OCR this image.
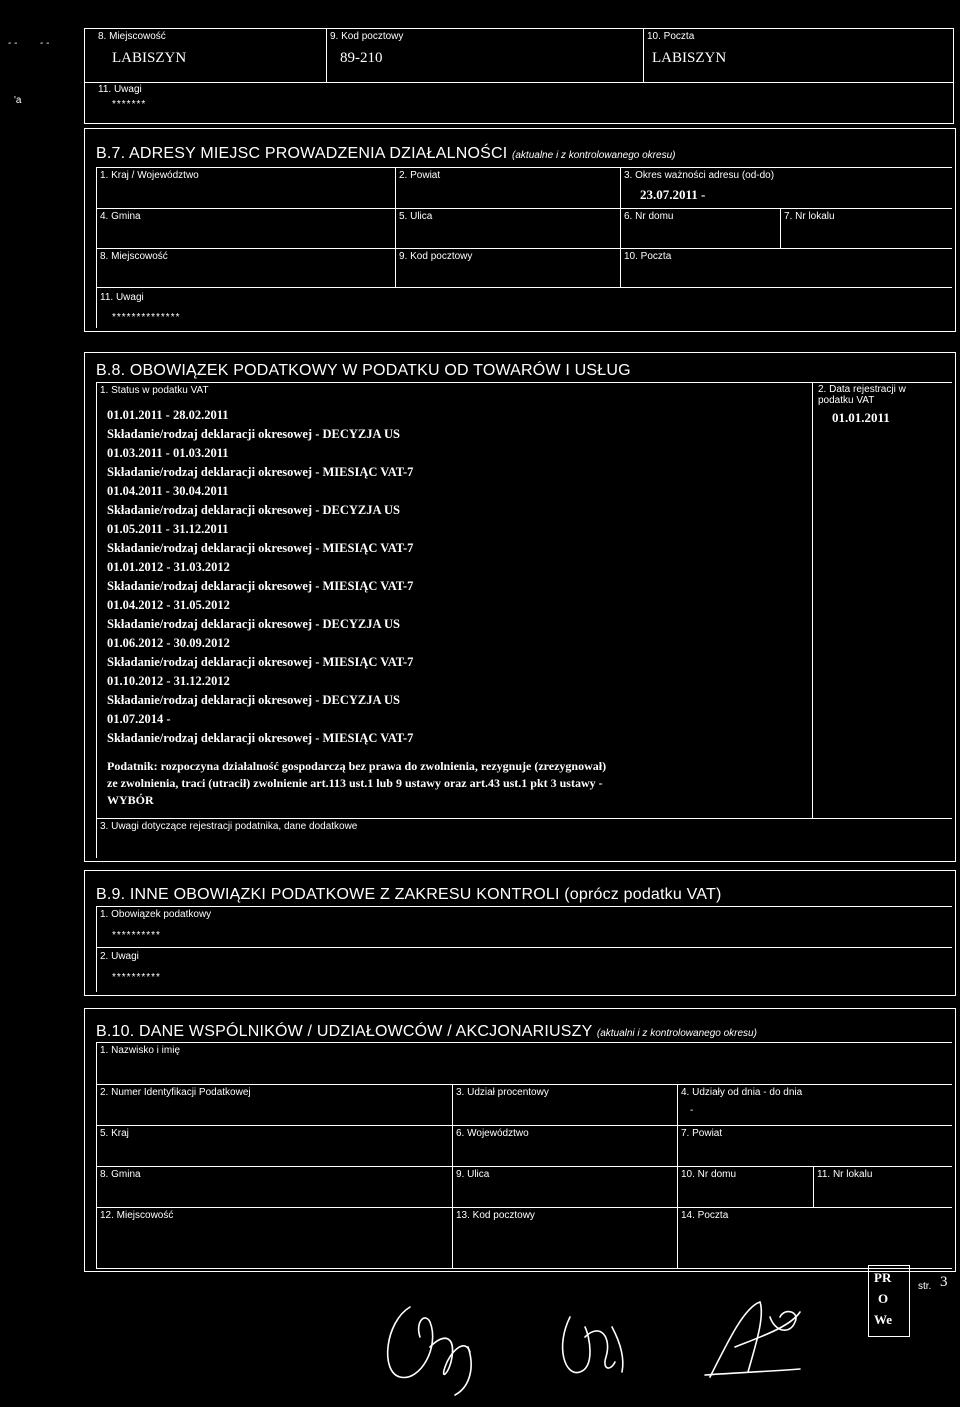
- - - -
'a
8. Miejscowość
LABISZYN
9. Kod pocztowy
89-210
10. Poczta
LABISZYN
11. Uwagi
*******
B.7. ADRESY MIEJSC PROWADZENIA DZIAŁALNOŚCI (aktualne i z kontrolowanego okresu)
1. Kraj / Województwo	2. Powiat	3. Okres ważności adresu (od-do)
23.07.2011 -
4. Gmina	5. Ulica	6. Nr domu	7. Nr lokalu
8. Miejscowość	9. Kod pocztowy	10. Poczta
11. Uwagi
**************
B.8. OBOWIĄZEK PODATKOWY W PODATKU OD TOWARÓW I USŁUG
1. Status w podatku VAT	2. Data rejestracji w
podatku VAT
01.01.2011
01.01.2011 - 28.02.2011
Składanie/rodzaj deklaracji okresowej - DECYZJA US
01.03.2011 - 01.03.2011
Składanie/rodzaj deklaracji okresowej - MIESIĄC VAT-7
01.04.2011 - 30.04.2011
Składanie/rodzaj deklaracji okresowej - DECYZJA US
01.05.2011 - 31.12.2011
Składanie/rodzaj deklaracji okresowej - MIESIĄC VAT-7
01.01.2012 - 31.03.2012
Składanie/rodzaj deklaracji okresowej - MIESIĄC VAT-7
01.04.2012 - 31.05.2012
Składanie/rodzaj deklaracji okresowej - DECYZJA US
01.06.2012 - 30.09.2012
Składanie/rodzaj deklaracji okresowej - MIESIĄC VAT-7
01.10.2012 - 31.12.2012
Składanie/rodzaj deklaracji okresowej - DECYZJA US
01.07.2014 -
Składanie/rodzaj deklaracji okresowej - MIESIĄC VAT-7
Podatnik: rozpoczyna działalność gospodarczą bez prawa do zwolnienia, rezygnuje (zrezygnował)
ze zwolnienia, traci (utracił) zwolnienie art.113 ust.1 lub 9 ustawy oraz art.43 ust.1 pkt 3 ustawy -
WYBÓR
3. Uwagi dotyczące rejestracji podatnika, dane dodatkowe
B.9. INNE OBOWIĄZKI PODATKOWE Z ZAKRESU KONTROLI (oprócz podatku VAT)
1. Obowiązek podatkowy
**********
2. Uwagi
**********
B.10. DANE WSPÓLNIKÓW / UDZIAŁOWCÓW / AKCJONARIUSZY (aktualni i z kontrolowanego okresu)
1. Nazwisko i imię
2. Numer Identyfikacji Podatkowej	3. Udział procentowy	4. Udziały od dnia - do dnia
-
5. Kraj	6. Województwo	7. Powiat
8. Gmina	9. Ulica	10. Nr domu	11. Nr lokalu
12. Miejscowość	13. Kod pocztowy	14. Poczta
PR
O
We
str. 3
